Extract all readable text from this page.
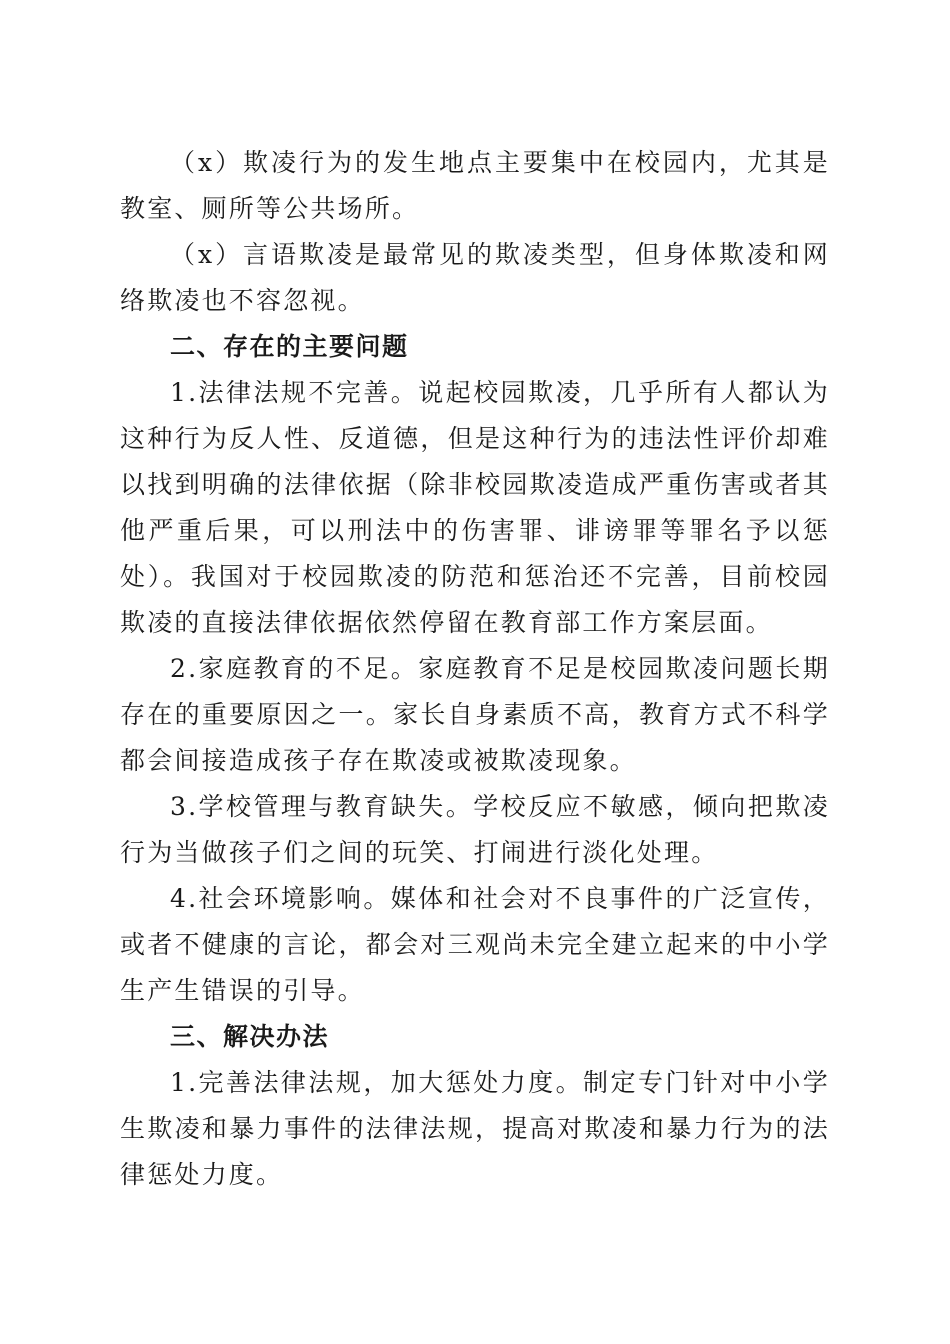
（x）欺凌行为的发生地点主要集中在校园内，尤其是教室、厕所等公共场所。

（x）言语欺凌是最常见的欺凌类型，但身体欺凌和网络欺凌也不容忽视。

二、存在的主要问题

1.法律法规不完善。说起校园欺凌，几乎所有人都认为这种行为反人性、反道德，但是这种行为的违法性评价却难以找到明确的法律依据（除非校园欺凌造成严重伤害或者其他严重后果，可以刑法中的伤害罪、诽谤罪等罪名予以惩处）。我国对于校园欺凌的防范和惩治还不完善，目前校园欺凌的直接法律依据依然停留在教育部工作方案层面。

2.家庭教育的不足。家庭教育不足是校园欺凌问题长期存在的重要原因之一。家长自身素质不高，教育方式不科学都会间接造成孩子存在欺凌或被欺凌现象。

3.学校管理与教育缺失。学校反应不敏感，倾向把欺凌行为当做孩子们之间的玩笑、打闹进行淡化处理。

4.社会环境影响。媒体和社会对不良事件的广泛宣传，或者不健康的言论，都会对三观尚未完全建立起来的中小学生产生错误的引导。

三、解决办法

1.完善法律法规，加大惩处力度。制定专门针对中小学生欺凌和暴力事件的法律法规，提高对欺凌和暴力行为的法律惩处力度。
